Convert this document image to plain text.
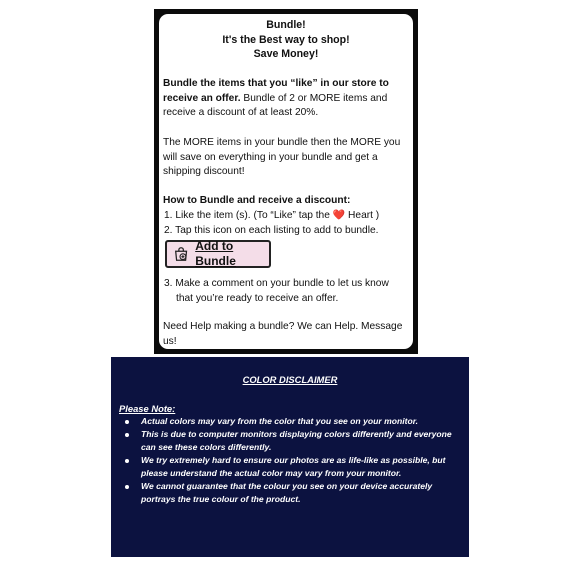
Bundle!
It's the Best way to shop!
Save Money!
Bundle the items that you “like” in our store to receive an offer. Bundle of 2 or MORE items and receive a discount of at least 20%.
The MORE items in your bundle then the MORE you will save on everything in your bundle and get a shipping discount!
How to Bundle and receive a discount:
1. Like the item (s). (To “Like” tap the ❤️ Heart )
2. Tap this icon on each listing to add to bundle.
Add to Bundle
3. Make a comment on your bundle to let us know
that you’re ready to receive an offer.
Need Help making a bundle? We can Help. Message us!
COLOR DISCLAIMER
Please Note:
Actual colors may vary from the color that you see on your monitor.
This is due to computer monitors displaying colors differently and everyone can see these colors differently.
We try extremely hard to ensure our photos are as life-like as possible, but please understand the actual color may vary from your monitor.
We cannot guarantee that the colour you see on your device accurately portrays the true colour of the product.
